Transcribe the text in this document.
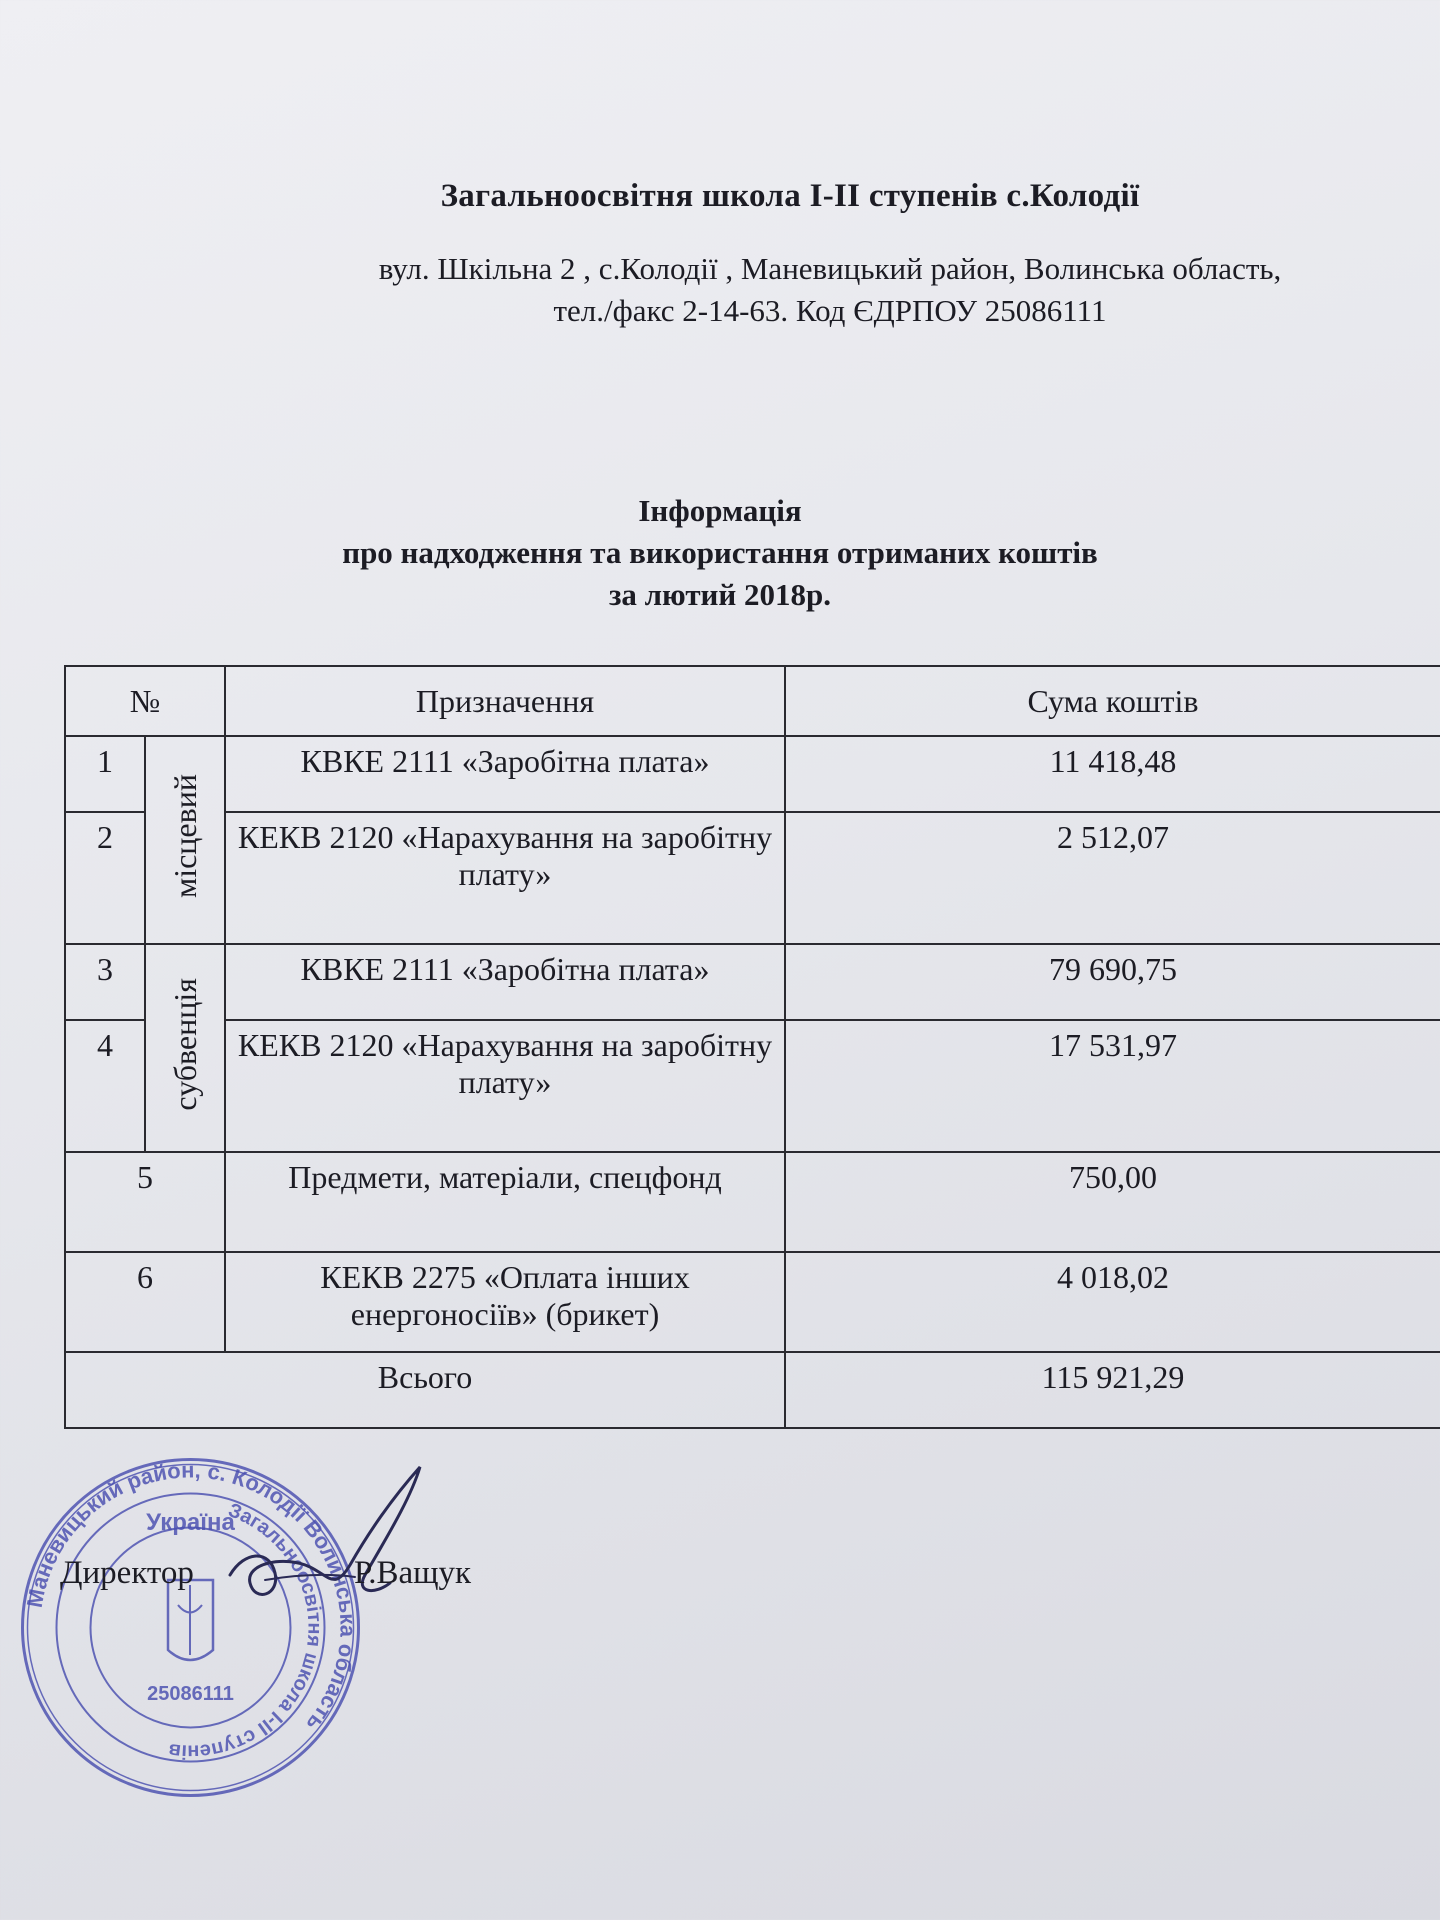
Загальноосвітня школа І-ІІ ступенів с.Колодії
вул. Шкільна 2 , с.Колодії , Маневицький район, Волинська область,
тел./факс 2-14-63. Код ЄДРПОУ 25086111
Інформація
про надходження та використання отриманих коштів
за лютий 2018р.
№		Призначення	Сума коштів
1	місцевий	КВКЕ 2111 «Заробітна плата»	11 418,48
2		КЕКВ 2120 «Нарахування на заробітну плату»	2 512,07
3	субвенція	КВКЕ 2111 «Заробітна плата»	79 690,75
4		КЕКВ 2120 «Нарахування на заробітну плату»	17 531,97
5		Предмети, матеріали, спецфонд	750,00
6		КЕКВ 2275 «Оплата інших енергоносіїв» (брикет)	4 018,02
Всього			115 921,29
Маневицький район, с. Колодії Волинська область
Загальноосвітня школа І-ІІ ступенів
Україна
25086111
Директор	Р.Ващук
